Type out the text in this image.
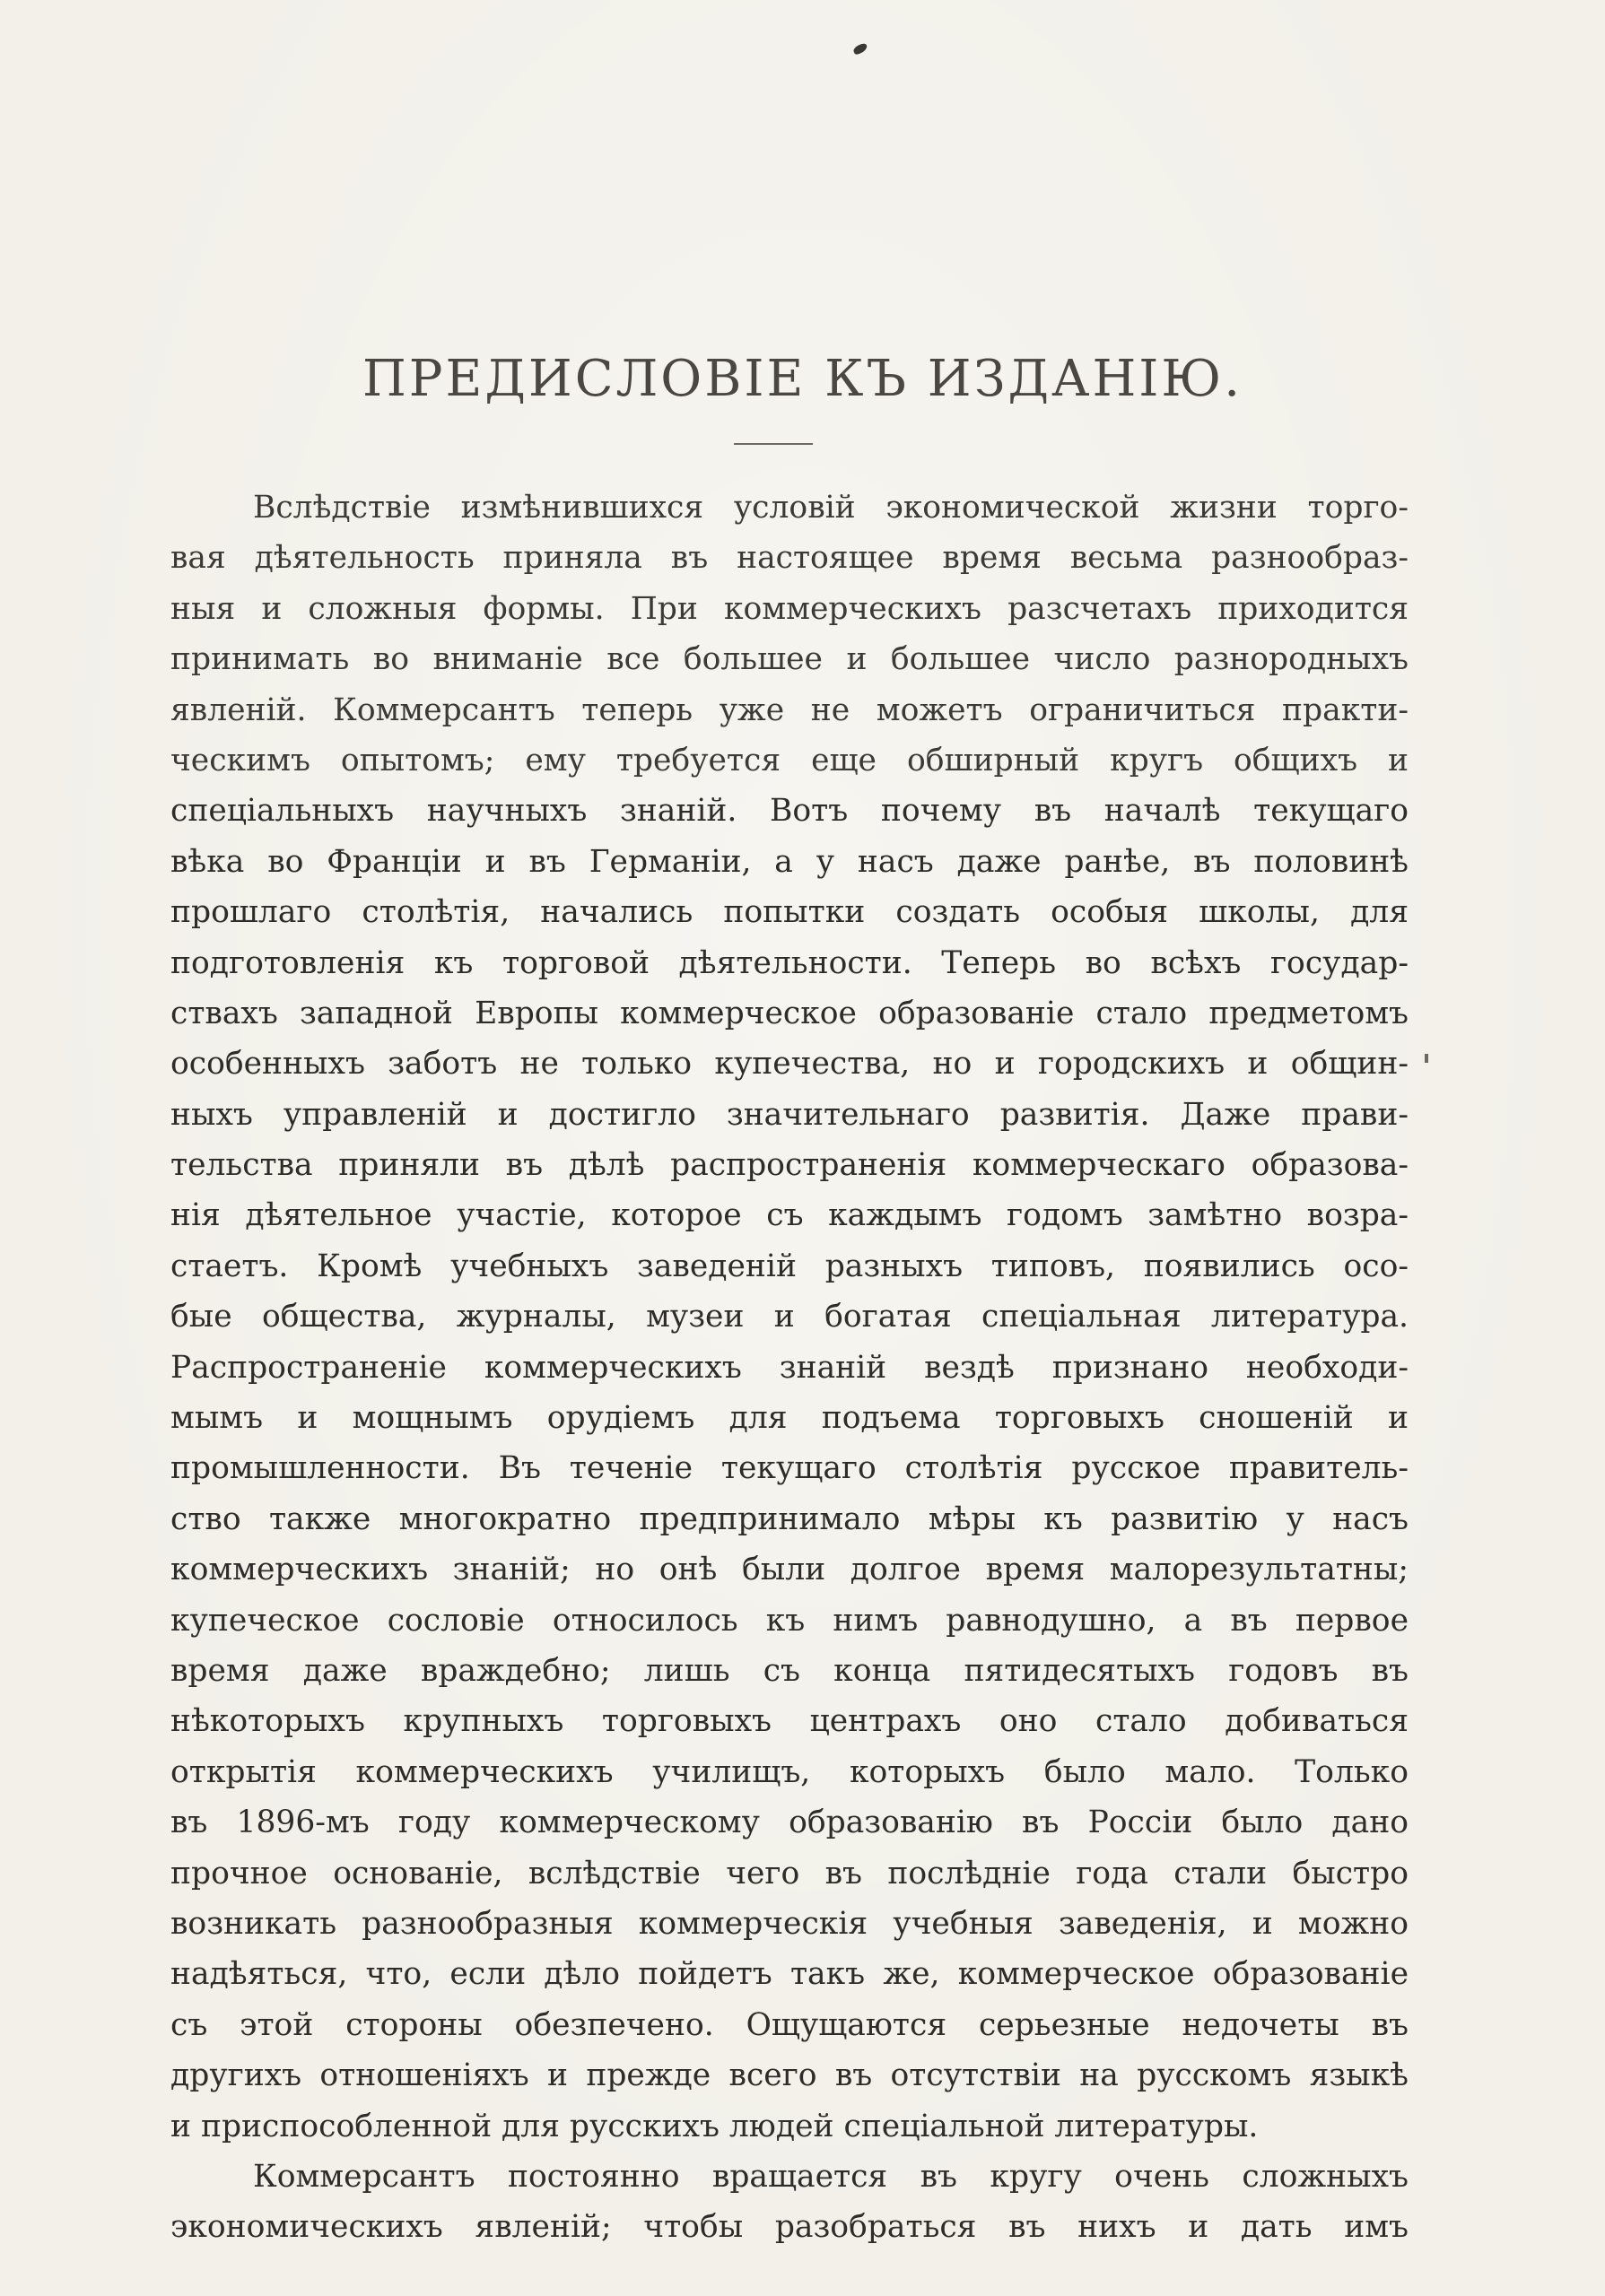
ПРЕДИСЛОВІЕ КЪ ИЗДАНІЮ.
Вслѣдствіе измѣнившихся условій экономической жизни торго-
вая дѣятельность приняла въ настоящее время весьма разнообраз-
ныя и сложныя формы. При коммерческихъ разсчетахъ приходится
принимать во вниманіе все большее и большее число разнородныхъ
явленій. Коммерсантъ теперь уже не можетъ ограничиться практи-
ческимъ опытомъ; ему требуется еще обширный кругъ общихъ и
спеціальныхъ научныхъ знаній. Вотъ почему въ началѣ текущаго
вѣка во Франціи и въ Германіи, а у насъ даже ранѣе, въ половинѣ
прошлаго столѣтія, начались попытки создать особыя школы, для
подготовленія къ торговой дѣятельности. Теперь во всѣхъ государ-
ствахъ западной Европы коммерческое образованіе стало предметомъ
особенныхъ заботъ не только купечества, но и городскихъ и общин-
ныхъ управленій и достигло значительнаго развитія. Даже прави-
тельства приняли въ дѣлѣ распространенія коммерческаго образова-
нія дѣятельное участіе, которое съ каждымъ годомъ замѣтно возра-
стаетъ. Кромѣ учебныхъ заведеній разныхъ типовъ, появились осо-
бые общества, журналы, музеи и богатая спеціальная литература.
Распространеніе коммерческихъ знаній вездѣ признано необходи-
мымъ и мощнымъ орудіемъ для подъема торговыхъ сношеній и
промышленности. Въ теченіе текущаго столѣтія русское правитель-
ство также многократно предпринимало мѣры къ развитію у насъ
коммерческихъ знаній; но онѣ были долгое время малорезультатны;
купеческое сословіе относилось къ нимъ равнодушно, а въ первое
время даже враждебно; лишь съ конца пятидесятыхъ годовъ въ
нѣкоторыхъ крупныхъ торговыхъ центрахъ оно стало добиваться
открытія коммерческихъ училищъ, которыхъ было мало. Только
въ 1896-мъ году коммерческому образованію въ Россіи было дано
прочное основаніе, вслѣдствіе чего въ послѣдніе года стали быстро
возникать разнообразныя коммерческія учебныя заведенія, и можно
надѣяться, что, если дѣло пойдетъ такъ же, коммерческое образованіе
съ этой стороны обезпечено. Ощущаются серьезные недочеты въ
другихъ отношеніяхъ и прежде всего въ отсутствіи на русскомъ языкѣ
и приспособленной для русскихъ людей спеціальной литературы.
Коммерсантъ постоянно вращается въ кругу очень сложныхъ
экономическихъ явленій; чтобы разобраться въ нихъ и дать имъ
